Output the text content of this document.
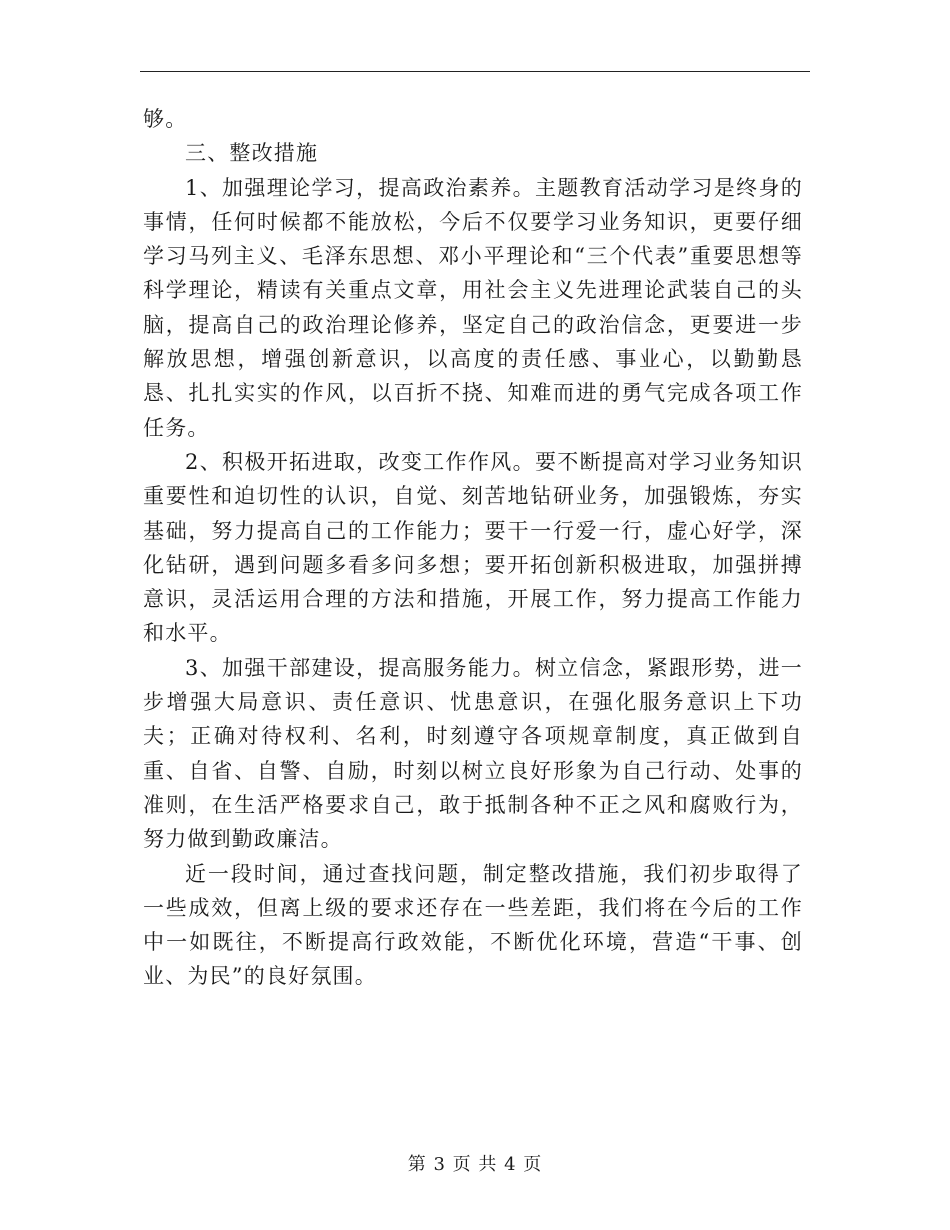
够。

三、整改措施

1、加强理论学习，提高政治素养。主题教育活动学习是终身的事情，任何时候都不能放松，今后不仅要学习业务知识，更要仔细学习马列主义、毛泽东思想、邓小平理论和“三个代表”重要思想等科学理论，精读有关重点文章，用社会主义先进理论武装自己的头脑，提高自己的政治理论修养，坚定自己的政治信念，更要进一步解放思想，增强创新意识，以高度的责任感、事业心，以勤勤恳恳、扎扎实实的作风，以百折不挠、知难而进的勇气完成各项工作任务。

2、积极开拓进取，改变工作作风。要不断提高对学习业务知识重要性和迫切性的认识，自觉、刻苦地钻研业务，加强锻炼，夯实基础，努力提高自己的工作能力；要干一行爱一行，虚心好学，深化钻研，遇到问题多看多问多想；要开拓创新积极进取，加强拼搏意识，灵活运用合理的方法和措施，开展工作，努力提高工作能力和水平。

3、加强干部建设，提高服务能力。树立信念，紧跟形势，进一步增强大局意识、责任意识、忧患意识，在强化服务意识上下功夫；正确对待权利、名利，时刻遵守各项规章制度，真正做到自重、自省、自警、自励，时刻以树立良好形象为自己行动、处事的准则，在生活严格要求自己，敢于抵制各种不正之风和腐败行为，努力做到勤政廉洁。

近一段时间，通过查找问题，制定整改措施，我们初步取得了一些成效，但离上级的要求还存在一些差距，我们将在今后的工作中一如既往，不断提高行政效能，不断优化环境，营造“干事、创业、为民”的良好氛围。

第 3 页 共 4 页
